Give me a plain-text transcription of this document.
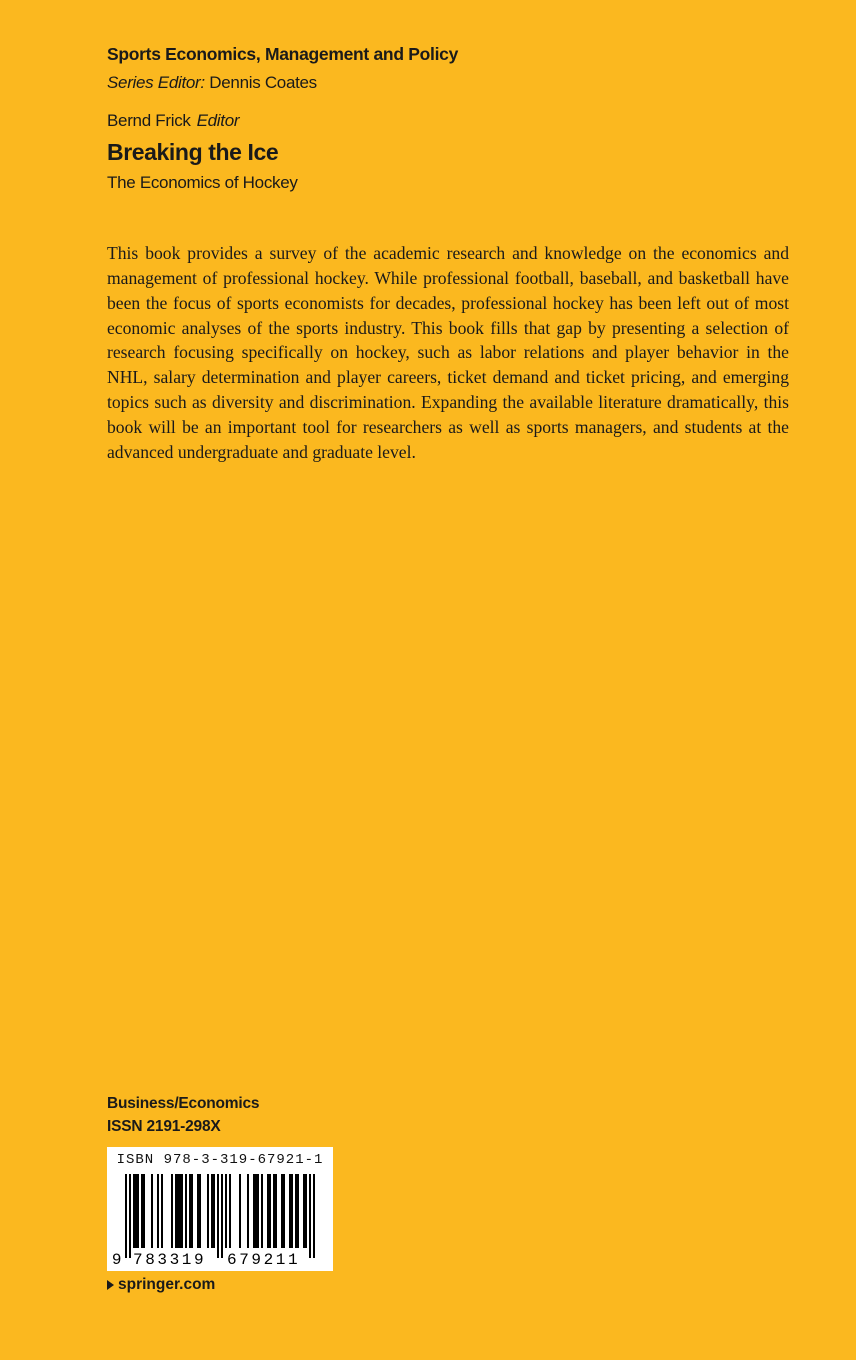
Sports Economics, Management and Policy
Series Editor: Dennis Coates
Bernd Frick Editor
Breaking the Ice
The Economics of Hockey

This book provides a survey of the academic research and knowledge on the economics and management of professional hockey. While professional football, baseball, and basketball have been the focus of sports economists for decades, professional hockey has been left out of most economic analyses of the sports industry. This book fills that gap by presenting a selection of research focusing specifically on hockey, such as labor relations and player behavior in the NHL, salary determination and player careers, ticket demand and ticket pricing, and emerging topics such as diversity and discrimination. Expanding the available literature dramatically, this book will be an important tool for researchers as well as sports managers, and students at the advanced undergraduate and graduate level.

Business/Economics
ISSN 2191-298X
ISBN 978-3-319-67921-1
9 783319 679211
springer.com
